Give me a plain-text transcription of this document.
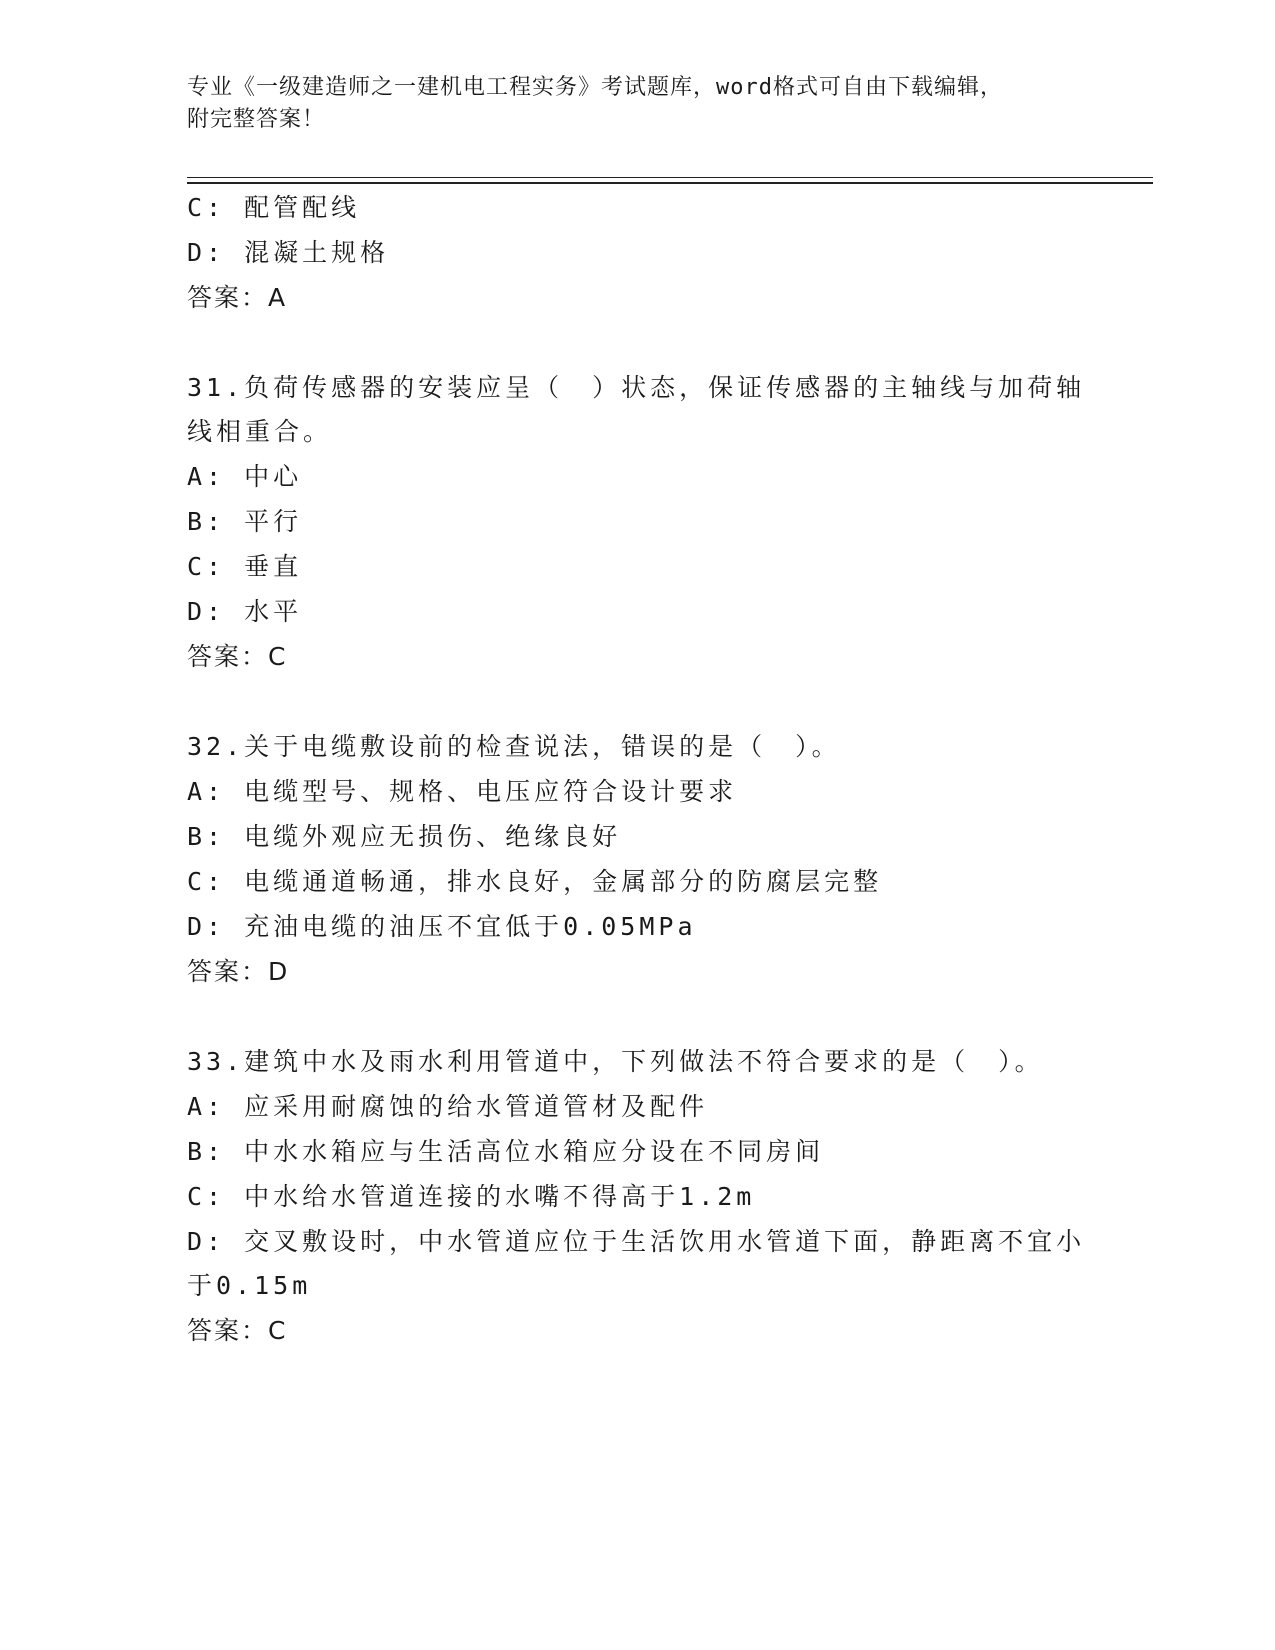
专业《一级建造师之一建机电工程实务》考试题库，word格式可自由下载编辑，
附完整答案！
C: 配管配线
D: 混凝土规格
答案：A
31.负荷传感器的安装应呈（　）状态，保证传感器的主轴线与加荷轴
线相重合。
A: 中心
B: 平行
C: 垂直
D: 水平
答案：C
32.关于电缆敷设前的检查说法，错误的是（　）。
A: 电缆型号、规格、电压应符合设计要求
B: 电缆外观应无损伤、绝缘良好
C: 电缆通道畅通，排水良好，金属部分的防腐层完整
D: 充油电缆的油压不宜低于0.05MPa
答案：D
33.建筑中水及雨水利用管道中，下列做法不符合要求的是（　）。
A: 应采用耐腐蚀的给水管道管材及配件
B: 中水水箱应与生活高位水箱应分设在不同房间
C: 中水给水管道连接的水嘴不得高于1.2m
D: 交叉敷设时，中水管道应位于生活饮用水管道下面，静距离不宜小
于0.15m
答案：C
